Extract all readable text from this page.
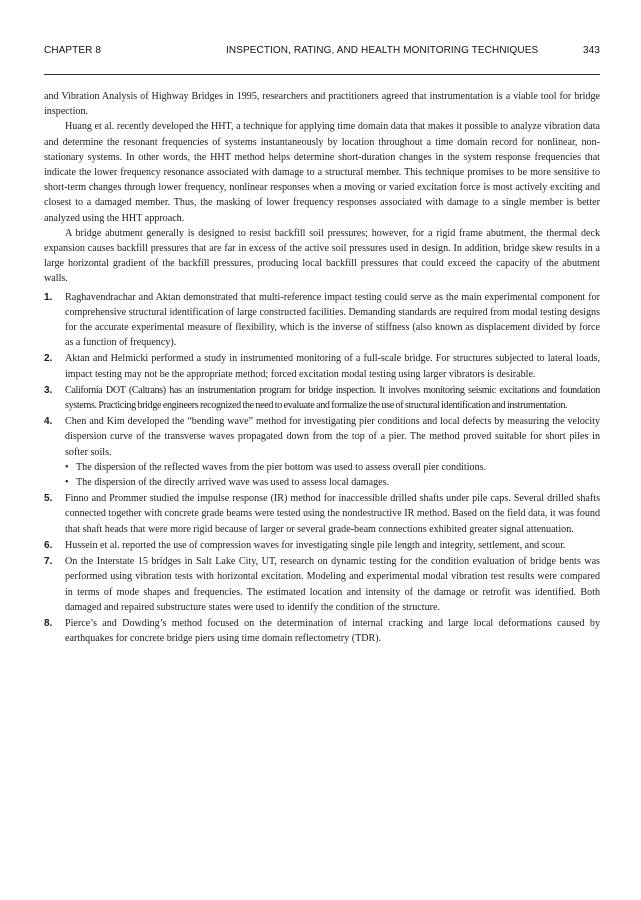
CHAPTER 8	INSPECTION, RATING, AND HEALTH MONITORING TECHNIQUES	343

and Vibration Analysis of Highway Bridges in 1995, researchers and practitioners agreed that instrumentation is a viable tool for bridge inspection.

Huang et al. recently developed the HHT, a technique for applying time domain data that makes it possible to analyze vibration data and determine the resonant frequencies of systems instantaneously by location throughout a time domain record for nonlinear, non-stationary systems. In other words, the HHT method helps determine short-duration changes in the system response frequencies that indicate the lower frequency resonance associated with damage to a structural member. This technique promises to be more sensitive to short-term changes through lower frequency, nonlinear responses when a moving or varied excitation force is most actively exciting and closest to a damaged member. Thus, the masking of lower frequency responses associated with damage to a single member is better analyzed using the HHT approach.

A bridge abutment generally is designed to resist backfill soil pressures; however, for a rigid frame abutment, the thermal deck expansion causes backfill pressures that are far in excess of the active soil pressures used in design. In addition, bridge skew results in a large horizontal gradient of the backfill pressures, producing local backfill pressures that could exceed the capacity of the abutment walls.

1. Raghavendrachar and Aktan demonstrated that multi-reference impact testing could serve as the main experimental component for comprehensive structural identification of large constructed facilities. Demanding standards are required from modal testing designs for the accurate experimental measure of flexibility, which is the inverse of stiffness (also known as displacement divided by force as a function of frequency).
2. Aktan and Helmicki performed a study in instrumented monitoring of a full-scale bridge. For structures subjected to lateral loads, impact testing may not be the appropriate method; forced excitation modal testing using larger vibrators is desirable.
3. California DOT (Caltrans) has an instrumentation program for bridge inspection. It involves monitoring seismic excitations and foundation systems. Practicing bridge engineers recognized the need to evaluate and formalize the use of structural identification and instrumentation.
4. Chen and Kim developed the “bending wave” method for investigating pier conditions and local defects by measuring the velocity dispersion curve of the transverse waves propagated down from the top of a pier. The method proved suitable for short piles in softer soils.
• The dispersion of the reflected waves from the pier bottom was used to assess overall pier conditions.
• The dispersion of the directly arrived wave was used to assess local damages.
5. Finno and Prommer studied the impulse response (IR) method for inaccessible drilled shafts under pile caps. Several drilled shafts connected together with concrete grade beams were tested using the nondestructive IR method. Based on the field data, it was found that shaft heads that were more rigid because of larger or several grade-beam connections exhibited greater signal attenuation.
6. Hussein et al. reported the use of compression waves for investigating single pile length and integrity, settlement, and scour.
7. On the Interstate 15 bridges in Salt Lake City, UT, research on dynamic testing for the condition evaluation of bridge bents was performed using vibration tests with horizontal excitation. Modeling and experimental modal vibration test results were compared in terms of mode shapes and frequencies. The estimated location and intensity of the damage or retrofit was identified. Both damaged and repaired substructure states were used to identify the condition of the structure.
8. Pierce’s and Dowding’s method focused on the determination of internal cracking and large local deformations caused by earthquakes for concrete bridge piers using time domain reflectometry (TDR).
